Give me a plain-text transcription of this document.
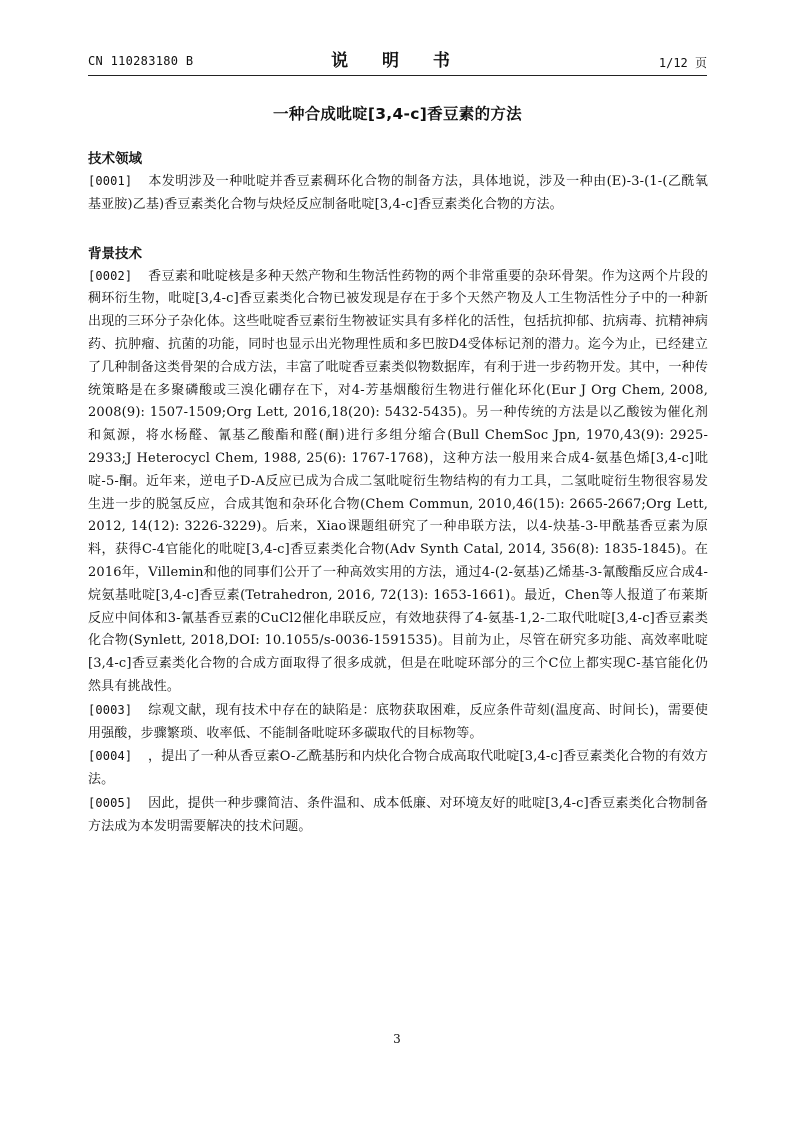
CN 110283180 B	说 明 书	1/12 页
一种合成吡啶[3,4-c]香豆素的方法
技术领域

[0001] 本发明涉及一种吡啶并香豆素稠环化合物的制备方法，具体地说，涉及一种由(E)-3-(1-(乙酰氧基亚胺)乙基)香豆素类化合物与炔烃反应制备吡啶[3,4-c]香豆素类化合物的方法。

背景技术

[0002] 香豆素和吡啶核是多种天然产物和生物活性药物的两个非常重要的杂环骨架。作为这两个片段的稠环衍生物，吡啶[3,4-c]香豆素类化合物已被发现是存在于多个天然产物及人工生物活性分子中的一种新出现的三环分子杂化体。这些吡啶香豆素衍生物被证实具有多样化的活性，包括抗抑郁、抗病毒、抗精神病药、抗肿瘤、抗菌的功能，同时也显示出光物理性质和多巴胺D4受体标记剂的潜力。迄今为止，已经建立了几种制备这类骨架的合成方法，丰富了吡啶香豆素类似物数据库，有利于进一步药物开发。其中，一种传统策略是在多聚磷酸或三溴化硼存在下，对4-芳基烟酸衍生物进行催化环化(Eur J Org Chem, 2008, 2008(9): 1507-1509;Org Lett, 2016,18(20): 5432-5435)。另一种传统的方法是以乙酸铵为催化剂和氮源，将水杨醛、氰基乙酸酯和醛(酮)进行多组分缩合(Bull ChemSoc Jpn, 1970,43(9): 2925-2933;J Heterocycl Chem, 1988, 25(6): 1767-1768)，这种方法一般用来合成4-氨基色烯[3,4-c]吡啶-5-酮。近年来，逆电子D-A反应已成为合成二氢吡啶衍生物结构的有力工具，二氢吡啶衍生物很容易发生进一步的脱氢反应，合成其饱和杂环化合物(Chem Commun, 2010,46(15): 2665-2667;Org Lett, 2012, 14(12): 3226-3229)。后来，Xiao课题组研究了一种串联方法，以4-炔基-3-甲酰基香豆素为原料，获得C-4官能化的吡啶[3,4-c]香豆素类化合物(Adv Synth Catal, 2014, 356(8): 1835-1845)。在2016年，Villemin和他的同事们公开了一种高效实用的方法，通过4-(2-氨基)乙烯基-3-氰酸酯反应合成4-烷氨基吡啶[3,4-c]香豆素(Tetrahedron, 2016, 72(13): 1653-1661)。最近，Chen等人报道了布莱斯反应中间体和3-氰基香豆素的CuCl2催化串联反应，有效地获得了4-氨基-1,2-二取代吡啶[3,4-c]香豆素类化合物(Synlett, 2018,DOI: 10.1055/s-0036-1591535)。目前为止，尽管在研究多功能、高效率吡啶[3,4-c]香豆素类化合物的合成方面取得了很多成就，但是在吡啶环部分的三个C位上都实现C-基官能化仍然具有挑战性。

[0003] 综观文献，现有技术中存在的缺陷是：底物获取困难，反应条件苛刻(温度高、时间长)，需要使用强酸，步骤繁琐、收率低、不能制备吡啶环多碳取代的目标物等。

[0004] ，提出了一种从香豆素O-乙酰基肟和内炔化合物合成高取代吡啶[3,4-c]香豆素类化合物的有效方法。

[0005] 因此，提供一种步骤简洁、条件温和、成本低廉、对环境友好的吡啶[3,4-c]香豆素类化合物制备方法成为本发明需要解决的技术问题。

3
